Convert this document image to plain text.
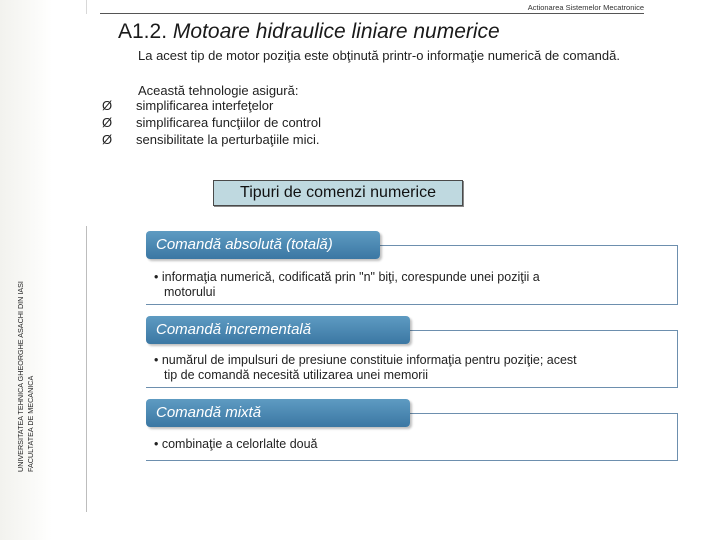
Actionarea Sistemelor Mecatronice
A1.2. Motoare hidraulice liniare numerice
La acest tip de motor poziţia este obţinută printr-o informaţie numerică de comandă.
Această tehnologie asigură:
Ø simplificarea interfeţelor
Ø simplificarea funcţiilor de control
Ø sensibilitate la perturbaţiile mici.
Tipuri de comenzi numerice
Comandă absolută (totală)
• informaţia numerică, codificată prin "n" biţi, corespunde unei poziţii a
motorului
Comandă incrementală
• numărul de impulsuri de presiune constituie informaţia pentru poziţie; acest
tip de comandă necesită utilizarea unei memorii
Comandă mixtă
• combinaţie a celorlalte două
UNIVERSITATEA TEHNICA GHEORGHE ASACHI DIN IASI FACULTATEA DE MECANICA
